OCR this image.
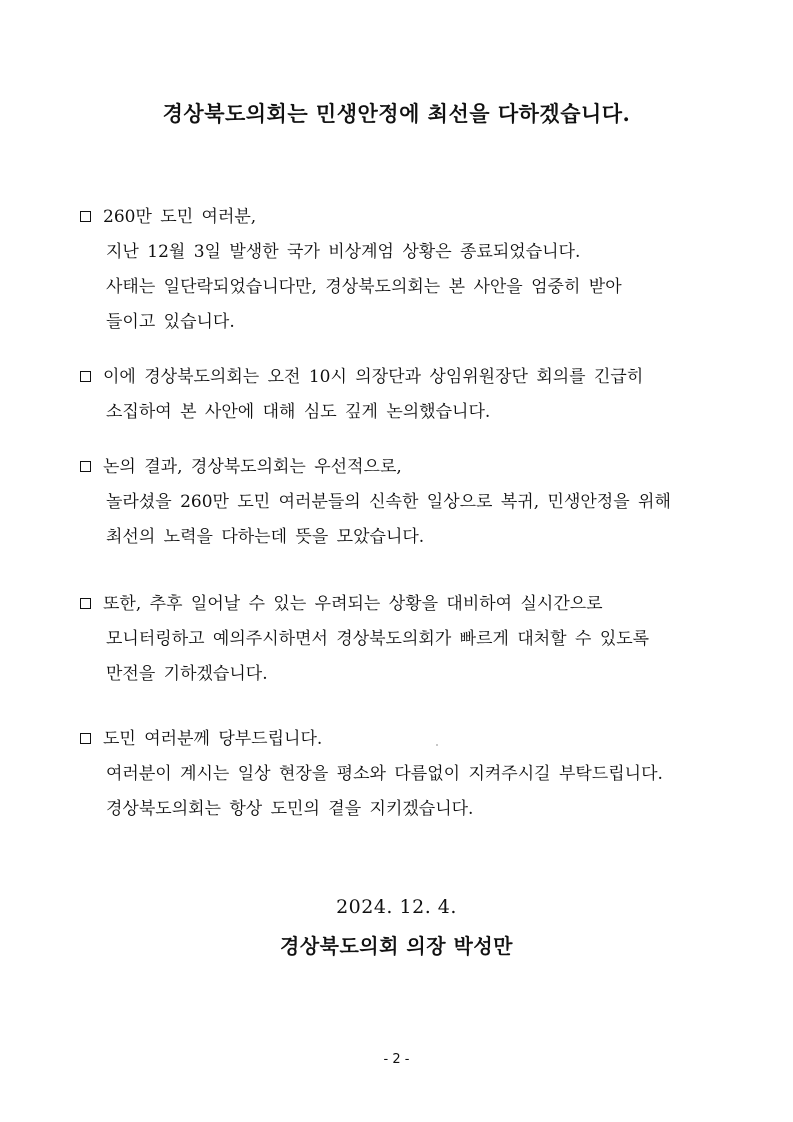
경상북도의회는 민생안정에 최선을 다하겠습니다.
260만 도민 여러분,
지난 12월 3일 발생한 국가 비상계엄 상황은 종료되었습니다.
사태는 일단락되었습니다만, 경상북도의회는 본 사안을 엄중히 받아
들이고 있습니다.
이에 경상북도의회는 오전 10시 의장단과 상임위원장단 회의를 긴급히
소집하여 본 사안에 대해 심도 깊게 논의했습니다.
논의 결과, 경상북도의회는 우선적으로,
놀라셨을 260만 도민 여러분들의 신속한 일상으로 복귀, 민생안정을 위해
최선의 노력을 다하는데 뜻을 모았습니다.
또한, 추후 일어날 수 있는 우려되는 상황을 대비하여 실시간으로
모니터링하고 예의주시하면서 경상북도의회가 빠르게 대처할 수 있도록
만전을 기하겠습니다.
도민 여러분께 당부드립니다.
여러분이 계시는 일상 현장을 평소와 다름없이 지켜주시길 부탁드립니다.
경상북도의회는 항상 도민의 곁을 지키겠습니다.
2024. 12. 4.
경상북도의회 의장 박성만
- 2 -
